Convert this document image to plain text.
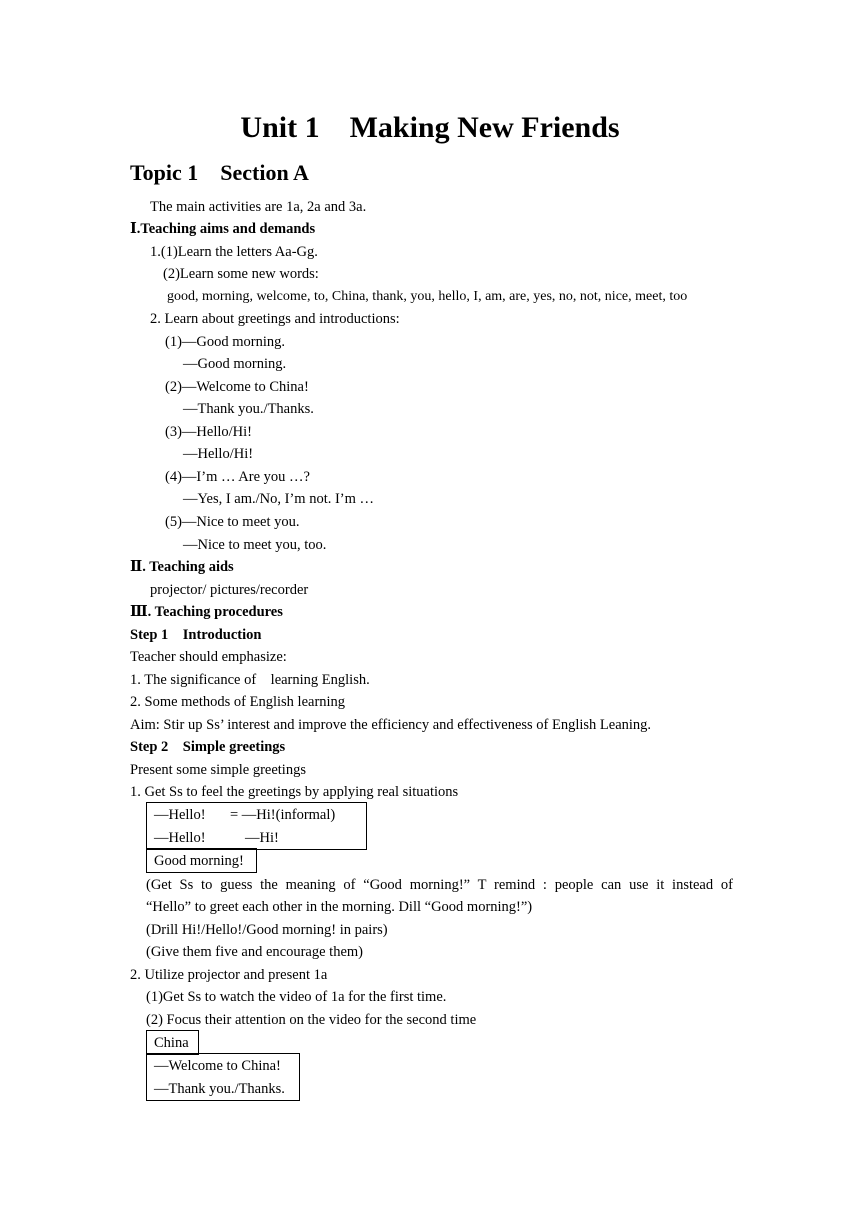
Unit 1    Making New Friends
Topic 1    Section A
The main activities are 1a, 2a and 3a.
Ⅰ.Teaching aims and demands
1.(1)Learn the letters Aa-Gg.
(2)Learn some new words:
good, morning, welcome, to, China, thank, you, hello, I, am, are, yes, no, not, nice, meet, too
2. Learn about greetings and introductions:
(1)—Good morning.
—Good morning.
(2)—Welcome to China!
—Thank you./Thanks.
(3)—Hello/Hi!
—Hello/Hi!
(4)—I’m … Are you …?
—Yes, I am./No, I’m not. I’m …
(5)—Nice to meet you.
—Nice to meet you, too.
Ⅱ. Teaching aids
projector/ pictures/recorder
Ⅲ. Teaching procedures
Step 1    Introduction
Teacher should emphasize:
1. The significance of    learning English.
2. Some methods of English learning
Aim: Stir up Ss’ interest and improve the efficiency and effectiveness of English Leaning.
Step 2    Simple greetings
Present some simple greetings
1. Get Ss to feel the greetings by applying real situations
—Hello! = —Hi!(informal)
—Hello!	—Hi!
Good morning!
(Get Ss to guess the meaning of “Good morning!” T remind : people can use it instead of
“Hello” to greet each other in the morning. Dill “Good morning!”)
(Drill Hi!/Hello!/Good morning! in pairs)
(Give them five and encourage them)
2. Utilize projector and present 1a
(1)Get Ss to watch the video of 1a for the first time.
(2) Focus their attention on the video for the second time
China
—Welcome to China!
—Thank you./Thanks.
